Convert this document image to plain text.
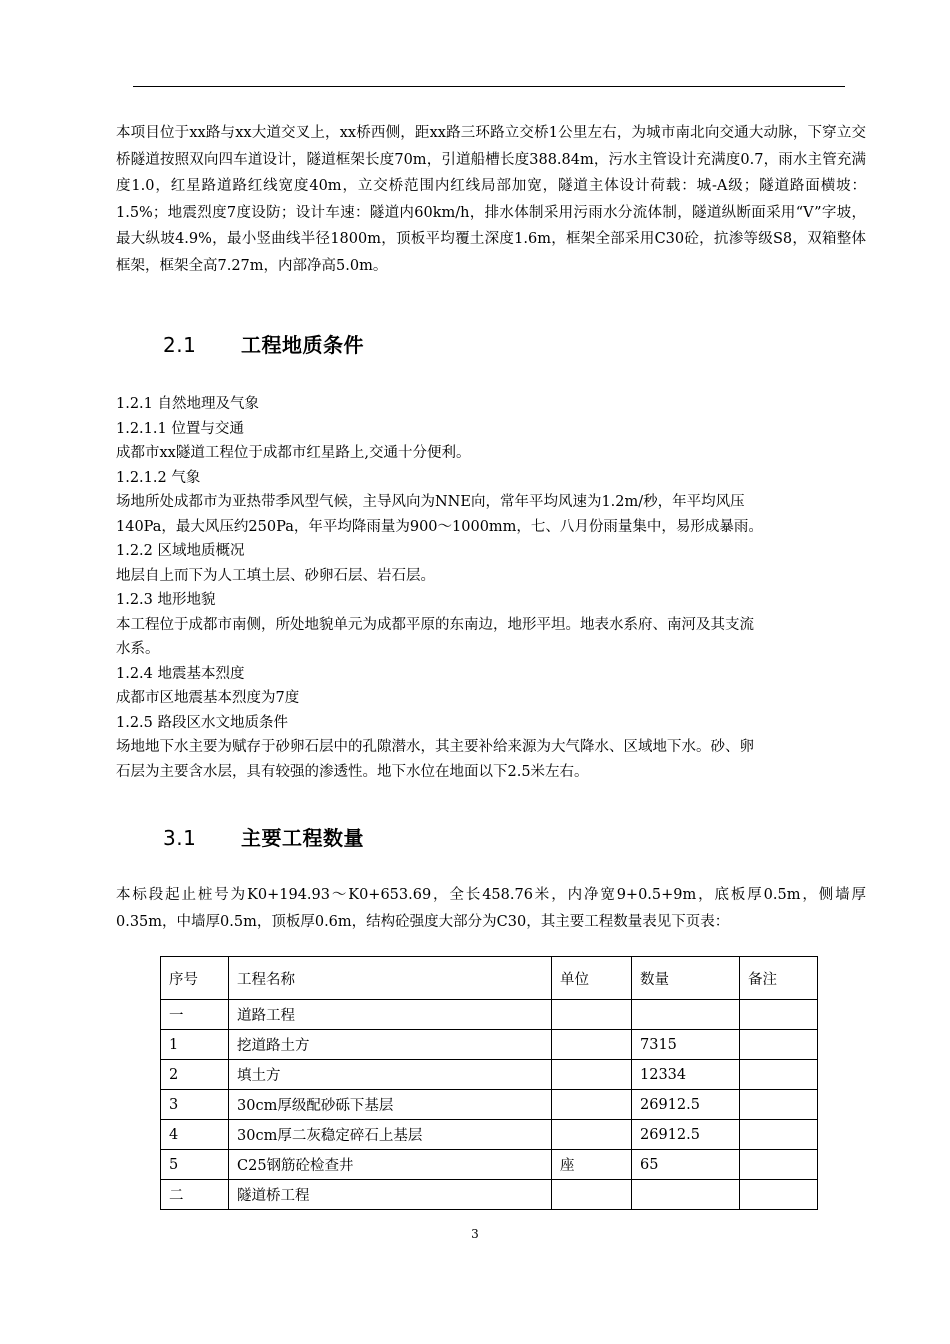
本项目位于xx路与xx大道交叉上，xx桥西侧，距xx路三环路立交桥1公里左右，为城市南北向交通大动脉，下穿立交桥隧道按照双向四车道设计，隧道框架长度70m，引道船槽长度388.84m，污水主管设计充满度0.7，雨水主管充满度1.0，红星路道路红线宽度40m，立交桥范围内红线局部加宽，隧道主体设计荷载：城-A级；隧道路面横坡：1.5%；地震烈度7度设防；设计车速：隧道内60km/h，排水体制采用污雨水分流体制，隧道纵断面采用“V”字坡，最大纵坡4.9%，最小竖曲线半径1800m，顶板平均覆土深度1.6m，框架全部采用C30砼，抗渗等级S8，双箱整体框架，框架全高7.27m，内部净高5.0m。
2.1 工程地质条件
1.2.1 自然地理及气象
1.2.1.1 位置与交通
成都市xx隧道工程位于成都市红星路上,交通十分便利。
1.2.1.2 气象
场地所处成都市为亚热带季风型气候，主导风向为NNE向，常年平均风速为1.2m/秒，年平均风压
140Pa，最大风压约250Pa，年平均降雨量为900～1000mm，七、八月份雨量集中，易形成暴雨。
1.2.2 区域地质概况
地层自上而下为人工填土层、砂卵石层、岩石层。
1.2.3 地形地貌
本工程位于成都市南侧，所处地貌单元为成都平原的东南边，地形平坦。地表水系府、南河及其支流
水系。
1.2.4 地震基本烈度
成都市区地震基本烈度为7度
1.2.5 路段区水文地质条件
场地地下水主要为赋存于砂卵石层中的孔隙潜水，其主要补给来源为大气降水、区域地下水。砂、卵
石层为主要含水层，具有较强的渗透性。地下水位在地面以下2.5米左右。
3.1 主要工程数量
本标段起止桩号为K0+194.93～K0+653.69，全长458.76米，内净宽9+0.5+9m，底板厚0.5m，侧墙厚0.35m，中墙厚0.5m，顶板厚0.6m，结构砼强度大部分为C30，其主要工程数量表见下页表：
序号	工程名称	单位	数量	备注
一	道路工程			
1	挖道路土方		7315	
2	填土方		12334	
3	30cm厚级配砂砾下基层		26912.5	
4	30cm厚二灰稳定碎石上基层		26912.5	
5	C25钢筋砼检查井	座	65	
二	隧道桥工程			
3
